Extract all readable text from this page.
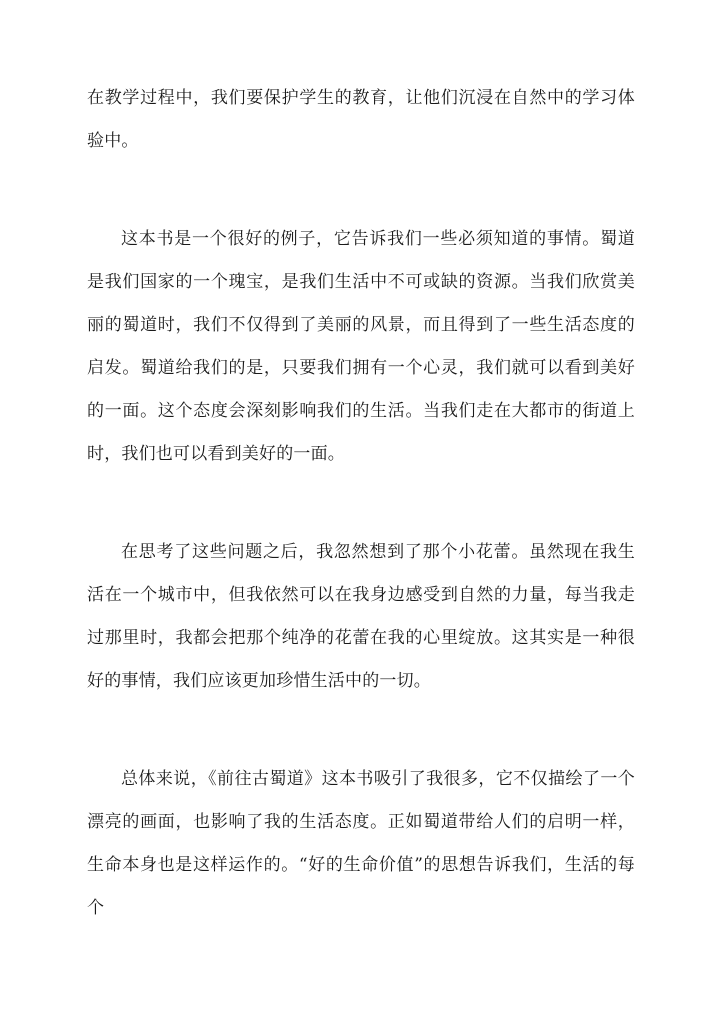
在教学过程中，我们要保护学生的教育，让他们沉浸在自然中的学习体验中。

这本书是一个很好的例子，它告诉我们一些必须知道的事情。蜀道是我们国家的一个瑰宝，是我们生活中不可或缺的资源。当我们欣赏美丽的蜀道时，我们不仅得到了美丽的风景，而且得到了一些生活态度的启发。蜀道给我们的是，只要我们拥有一个心灵，我们就可以看到美好的一面。这个态度会深刻影响我们的生活。当我们走在大都市的街道上时，我们也可以看到美好的一面。

在思考了这些问题之后，我忽然想到了那个小花蕾。虽然现在我生活在一个城市中，但我依然可以在我身边感受到自然的力量，每当我走过那里时，我都会把那个纯净的花蕾在我的心里绽放。这其实是一种很好的事情，我们应该更加珍惜生活中的一切。

总体来说，《前往古蜀道》这本书吸引了我很多，它不仅描绘了一个漂亮的画面，也影响了我的生活态度。正如蜀道带给人们的启明一样，生命本身也是这样运作的。“好的生命价值”的思想告诉我们，生活的每个
